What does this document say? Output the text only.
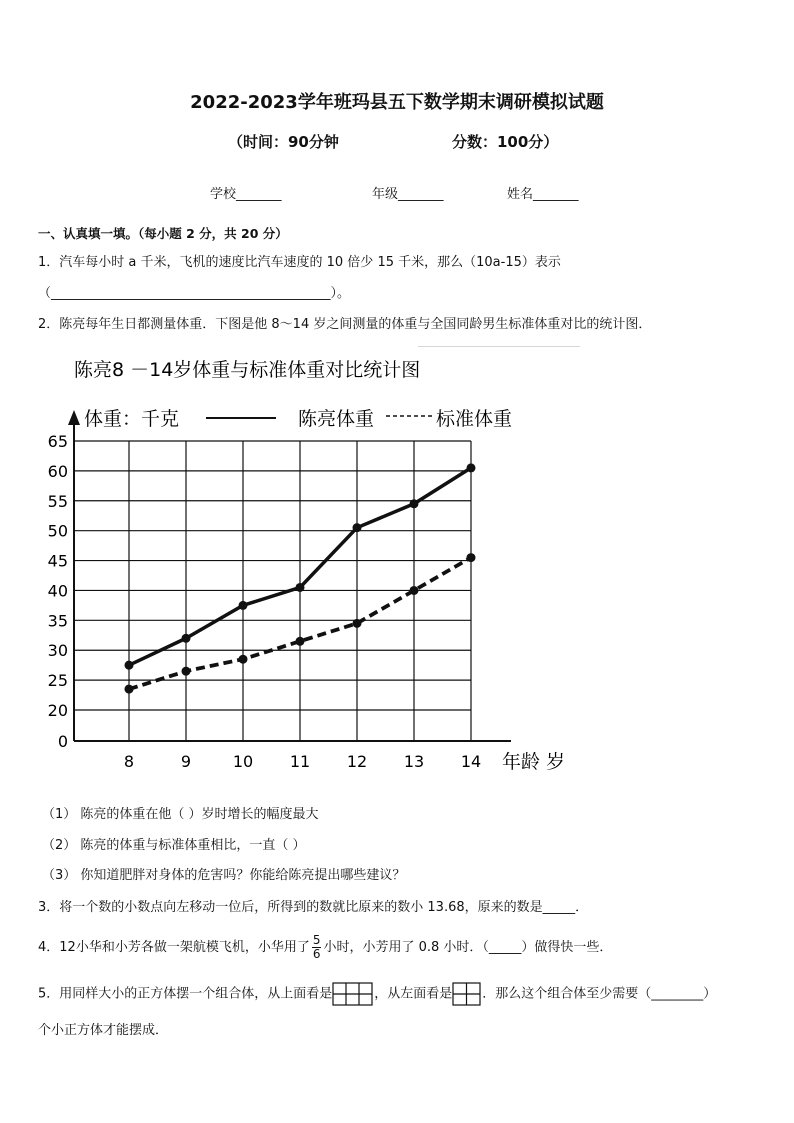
2022-2023学年班玛县五下数学期末调研模拟试题
（时间：90分钟	分数：100分）
学校_______	年级_______	姓名_______
一、认真填一填。（每小题 2 分，共 20 分）
1．汽车每小时 a 千米，飞机的速度比汽车速度的 10 倍少 15 千米，那么（10a-15）表示
（___________________________________________）。
2．陈亮每年生日都测量体重．下图是他 8～14 岁之间测量的体重与全国同龄男生标准体重对比的统计图．
陈亮8 －14岁体重与标准体重对比统计图
体重：千克	陈亮体重	标准体重
0
20
25
30
35
40
45
50
55
60
65
8	9	10 11 12 13 14 年龄 岁
（1） 陈亮的体重在他（ ）岁时增长的幅度最大
（2） 陈亮的体重与标准体重相比，一直（ ）
（3） 你知道肥胖对身体的危害吗？你能给陈亮提出哪些建议？
3．将一个数的小数点向左移动一位后，所得到的数就比原来的数小 13.68，原来的数是_____．
4．12小华和小芳各做一架航模飞机，小华用了 $\frac{5}{6}$ 小时，小芳用了 0.8 小时．（_____）做得快一些．
5．用同样大小的正方体摆一个组合体，从上面看是	，从左面看是 ．那么这个组合体至少需要（________）
个小正方体才能摆成．
